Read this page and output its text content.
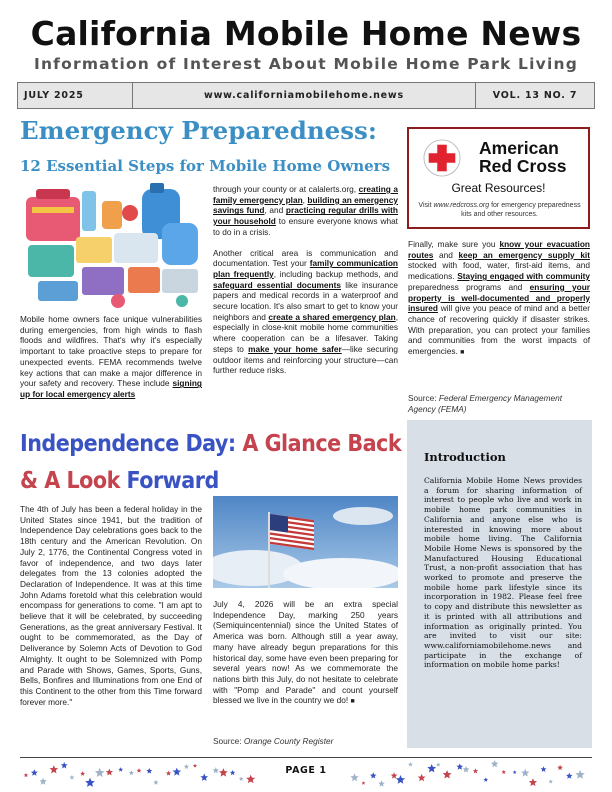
California Mobile Home News
Information of Interest About Mobile Home Park Living
JULY 2025	www.californiamobilehome.news	VOL. 13 NO. 7
Emergency Preparedness:
12 Essential Steps for Mobile Home Owners
Mobile home owners face unique vulnerabilities during emergencies, from high winds to flash floods and wildfires. That's why it's especially important to take proactive steps to prepare for unexpected events. FEMA recommends twelve key actions that can make a major difference in your safety and recovery. These include signing up for local emergency alerts

through your county or at calalerts.org, creating a family emergency plan, building an emergency savings fund, and practicing regular drills with your household to ensure everyone knows what to do in a crisis.

Another critical area is communication and documentation. Test your family communication plan frequently, including backup methods, and safeguard essential documents like insurance papers and medical records in a waterproof and secure location. It's also smart to get to know your neighbors and create a shared emergency plan, especially in close-knit mobile home communities where cooperation can be a lifesaver. Taking steps to make your home safer—like securing outdoor items and reinforcing your structure—can further reduce risks.

American
Red Cross
Great Resources!
Visit www.redcross.org for emergency preparedness kits and other resources.
Finally, make sure you know your evacuation routes and keep an emergency supply kit stocked with food, water, first-aid items, and medications. Staying engaged with community preparedness programs and ensuring your property is well-documented and properly insured will give you peace of mind and a better chance of recovering quickly if disaster strikes. With preparation, you can protect your families and communities from the worst impacts of emergencies. ■
Source: Federal Emergency Management Agency (FEMA)
Independence Day: A Glance Back
& A Look Forward
The 4th of July has been a federal holiday in the United States since 1941, but the tradition of Independence Day celebrations goes back to the 18th century and the American Revolution. On July 2, 1776, the Continental Congress voted in favor of independence, and two days later delegates from the 13 colonies adopted the Declaration of Independence. It was at this time John Adams foretold what this celebration would encompass for generations to come. "I am apt to believe that it will be celebrated, by succeeding Generations, as the great anniversary Festival. It ought to be commemorated, as the Day of Deliverance by Solemn Acts of Devotion to God Almighty. It ought to be Solemnized with Pomp and Parade with Shows, Games, Sports, Guns, Bells, Bonfires and Illuminations from one End of this Continent to the other from this Time forward forever more."
July 4, 2026 will be an extra special Independence Day, marking 250 years (Semiquincentennial) since the United States of America was born. Although still a year away, many have already begun preparations for this historical day, some have even been preparing for several years now! As we commemorate the nations birth this July, do not hesitate to celebrate with "Pomp and Parade" and count yourself blessed we live in the country we do! ■
Source: Orange County Register
Introduction
California Mobile Home News provides a forum for sharing information of interest to people who live and work in mobile home park communities in California and anyone else who is interested in knowing more about mobile home living. The California Mobile Home News is sponsored by the Manufactured Housing Educational Trust, a non-profit association that has worked to promote and preserve the mobile home park lifestyle since its incorporation in 1982. Please feel free to copy and distribute this newsletter as it is printed with all attributions and information as originally printed. You are invited to visit our site: www.californiamobilehome.news and participate in the exchange of information on mobile home parks!
PAGE 1
